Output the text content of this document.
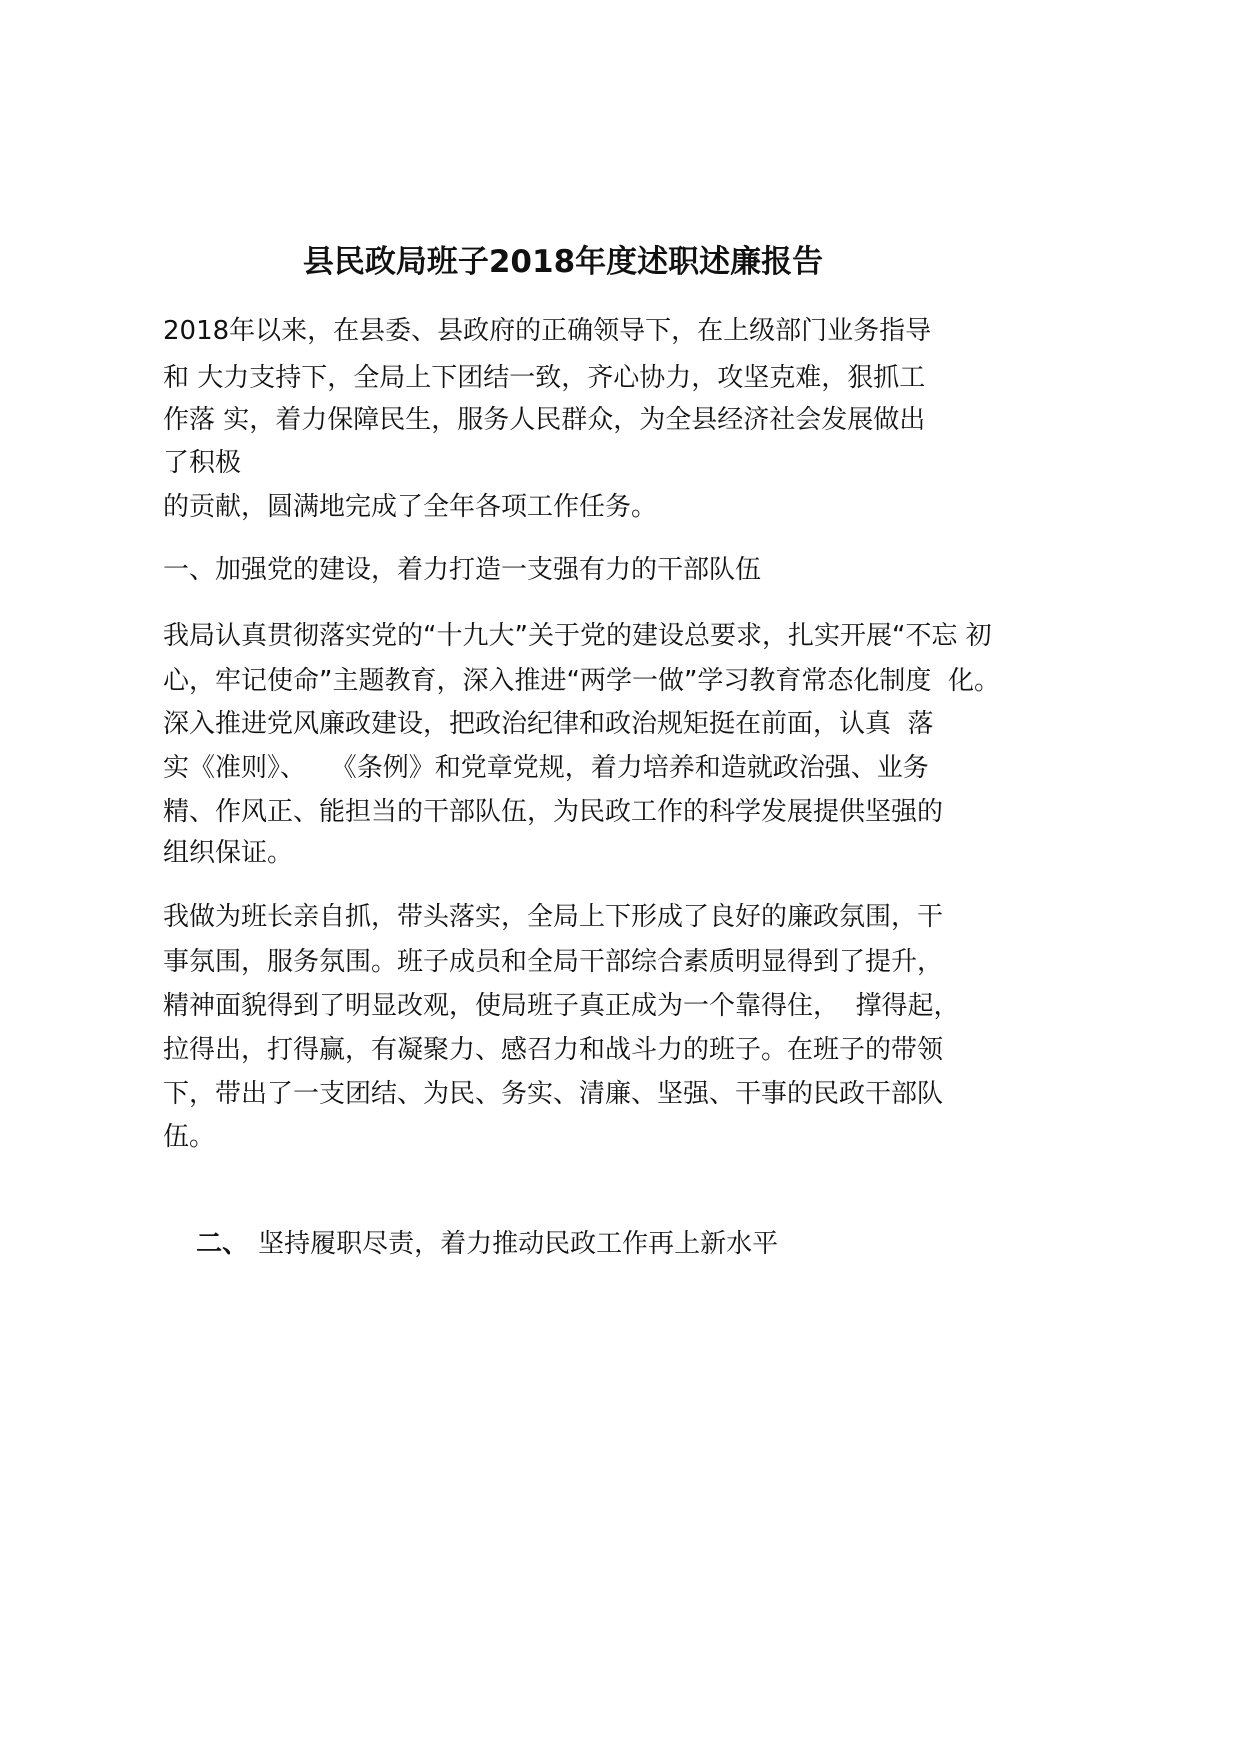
县民政局班子2018年度述职述廉报告
2018年以来，在县委、县政府的正确领导下，在上级部门业务指导
和 大力支持下，全局上下团结一致，齐心协力，攻坚克难，狠抓工
作落 实，着力保障民生，服务人民群众，为全县经济社会发展做出
了积极
的贡献，圆满地完成了全年各项工作任务。
一、加强党的建设，着力打造一支强有力的干部队伍
我局认真贯彻落实党的“十九大”关于党的建设总要求，扎实开展“不忘 初
心，牢记使命”主题教育，深入推进“两学一做”学习教育常态化制度  化。
深入推进党风廉政建设，把政治纪律和政治规矩挺在前面，认真  落
实《准则》、   《条例》和党章党规，着力培养和造就政治强、业务
精、作风正、能担当的干部队伍，为民政工作的科学发展提供坚强的
组织保证。
我做为班长亲自抓，带头落实，全局上下形成了良好的廉政氛围，干
事氛围，服务氛围。班子成员和全局干部综合素质明显得到了提升，
精神面貌得到了明显改观，使局班子真正成为一个靠得住，  撑得起，
拉得出，打得赢，有凝聚力、感召力和战斗力的班子。在班子的带领
下，带出了一支团结、为民、务实、清廉、坚强、干事的民政干部队
伍。

二、 坚持履职尽责，着力推动民政工作再上新水平
